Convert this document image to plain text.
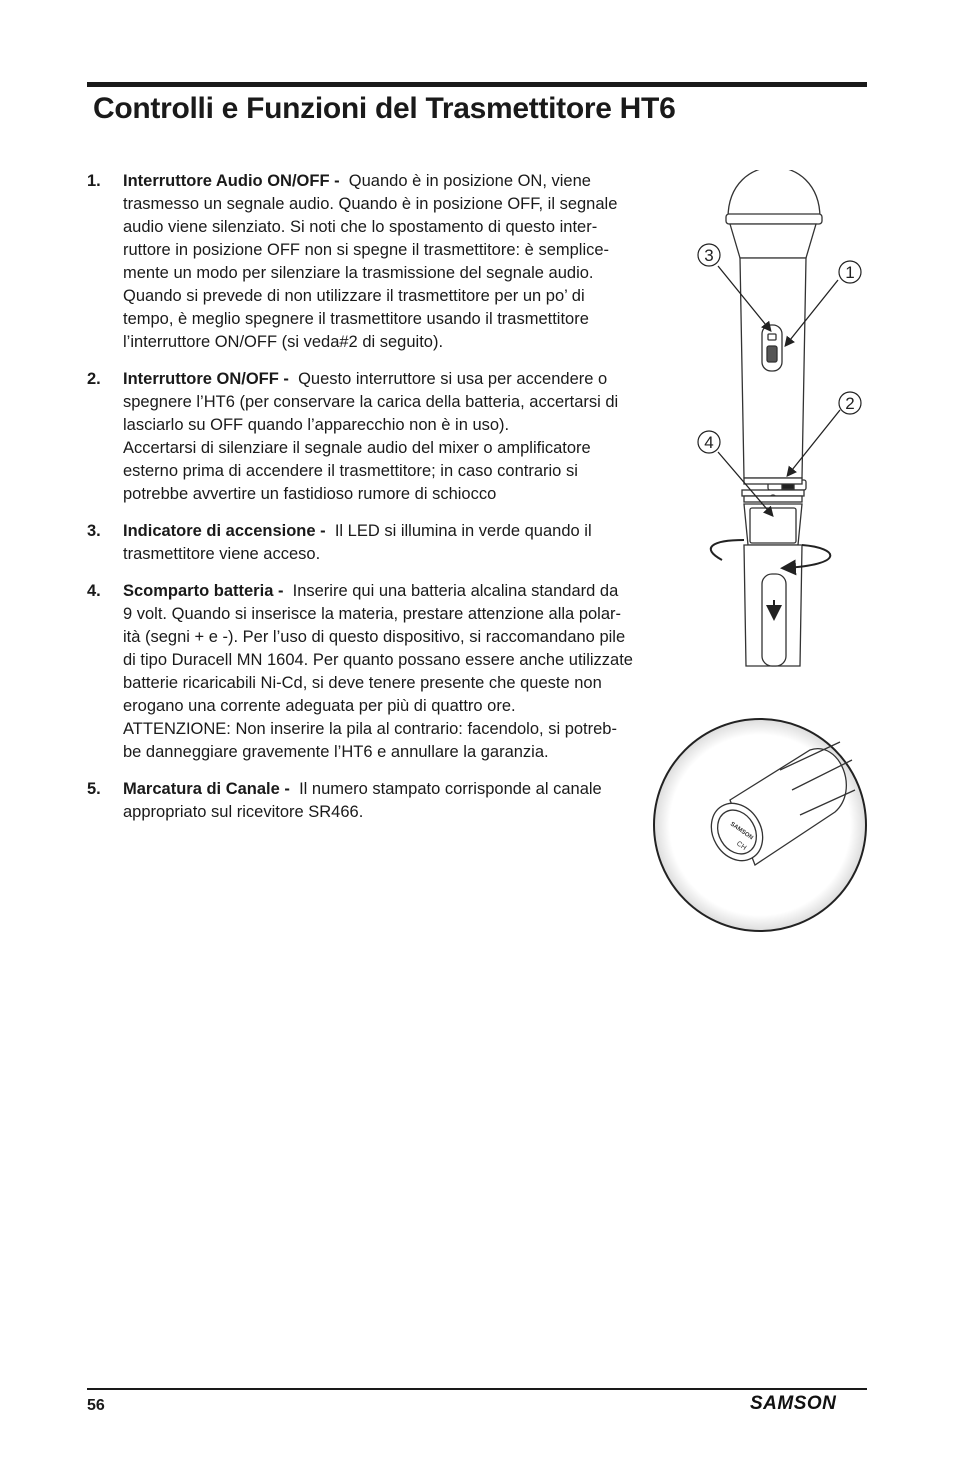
Controlli e Funzioni del Trasmettitore HT6
1. Interruttore Audio ON/OFF - Quando è in posizione ON, viene
trasmesso un segnale audio. Quando è in posizione OFF, il segnale
audio viene silenziato. Si noti che lo spostamento di questo inter-
ruttore in posizione OFF non si spegne il trasmettitore: è semplice-
mente un modo per silenziare la trasmissione del segnale audio.
Quando si prevede di non utilizzare il trasmettitore per un po’ di
tempo, è meglio spegnere il trasmettitore usando il trasmettitore
l’interruttore ON/OFF (si veda#2 di seguito).
2. Interruttore ON/OFF - Questo interruttore si usa per accendere o
spegnere l’HT6 (per conservare la carica della batteria, accertarsi di
lasciarlo su OFF quando l’apparecchio non è in uso).
Accertarsi di silenziare il segnale audio del mixer o amplificatore
esterno prima di accendere il trasmettitore; in caso contrario si
potrebbe avvertire un fastidioso rumore di schiocco
3. Indicatore di accensione - Il LED si illumina in verde quando il
trasmettitore viene acceso.
4. Scomparto batteria - Inserire qui una batteria alcalina standard da
9 volt. Quando si inserisce la materia, prestare attenzione alla polar-
ità (segni + e -). Per l’uso di questo dispositivo, si raccomandano pile
di tipo Duracell MN 1604. Per quanto possano essere anche utilizzate
batterie ricaricabili Ni-Cd, si deve tenere presente che queste non
erogano una corrente adeguata per più di quattro ore.
ATTENZIONE: Non inserire la pila al contrario: facendolo, si potreb-
be danneggiare gravemente l’HT6 e annullare la garanzia.
5. Marcatura di Canale - Il numero stampato corrisponde al canale
appropriato sul ricevitore SR466.
1
2
3
4
SAMSON
CH
56	SAMSON
